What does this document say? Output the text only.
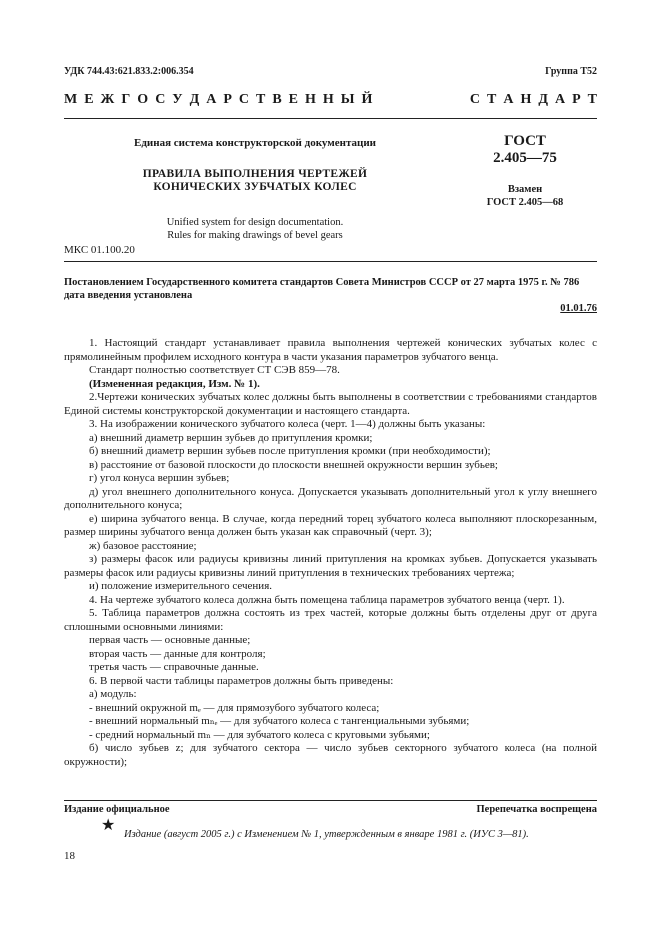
УДК 744.43:621.833.2:006.354	Группа Т52
М Е Ж Г О С У Д А Р С Т В Е Н Н Ы Й	С Т А Н Д А Р Т
Единая система конструкторской документации
ПРАВИЛА ВЫПОЛНЕНИЯ ЧЕРТЕЖЕЙ
КОНИЧЕСКИХ ЗУБЧАТЫХ КОЛЕС
Unified system for design documentation.
Rules for making drawings of bevel gears
ГОСТ
2.405—75
Взамен
ГОСТ 2.405—68
МКС 01.100.20
Постановлением Государственного комитета стандартов Совета Министров СССР от 27 марта 1975 г. № 786 дата введения установлена
01.01.76

1. Настоящий стандарт устанавливает правила выполнения чертежей конических зубчатых колес с прямолинейным профилем исходного контура в части указания параметров зубчатого венца.

Стандарт полностью соответствует СТ СЭВ 859—78.

(Измененная редакция, Изм. № 1).

2.Чертежи конических зубчатых колес должны быть выполнены в соответствии с требованиями стандартов Единой системы конструкторской документации и настоящего стандарта.

3. На изображении конического зубчатого колеса (черт. 1—4) должны быть указаны:

а) внешний диаметр вершин зубьев до притупления кромки;

б) внешний диаметр вершин зубьев после притупления кромки (при необходимости);

в) расстояние от базовой плоскости до плоскости внешней окружности вершин зубьев;

г) угол конуса вершин зубьев;

д) угол внешнего дополнительного конуса. Допускается указывать дополнительный угол к углу внешнего дополнительного конуса;

е) ширина зубчатого венца. В случае, когда передний торец зубчатого колеса выполняют плоскорезанным, размер ширины зубчатого венца должен быть указан как справочный (черт. 3);

ж) базовое расстояние;

з) размеры фасок или радиусы кривизны линий притупления на кромках зубьев. Допускается указывать размеры фасок или радиусы кривизны линий притупления в технических требованиях чертежа;

и) положение измерительного сечения.

4. На чертеже зубчатого колеса должна быть помещена таблица параметров зубчатого венца (черт. 1).

5. Таблица параметров должна состоять из трех частей, которые должны быть отделены друг от друга сплошными основными линиями:

первая часть — основные данные;

вторая часть — данные для контроля;

третья часть — справочные данные.

6. В первой части таблицы параметров должны быть приведены:

а) модуль:

- внешний окружной mₑ — для прямозубого зубчатого колеса;

- внешний нормальный mₙₑ — для зубчатого колеса с тангенциальными зубьями;

- средний нормальный mₙ — для зубчатого колеса с круговыми зубьями;

б) число зубьев z; для зубчатого сектора — число зубьев секторного зубчатого колеса (на полной окружности);

Издание официальное	Перепечатка воспрещена
★
Издание (август 2005 г.) с Изменением № 1, утвержденным в январе 1981 г. (ИУС 3—81).
18
